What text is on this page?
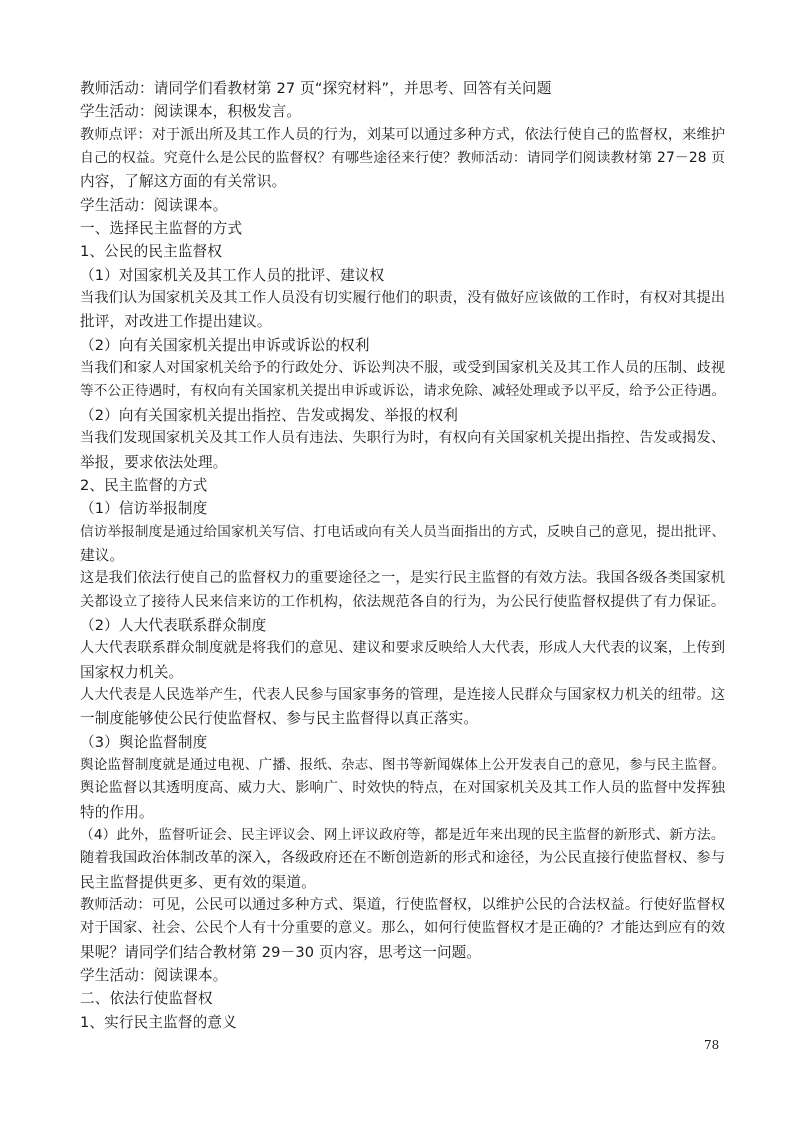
教师活动：请同学们看教材第 27 页“探究材料”，并思考、回答有关问题
学生活动：阅读课本，积极发言。
教师点评：对于派出所及其工作人员的行为，刘某可以通过多种方式，依法行使自己的监督权，来维护
自己的权益。究竟什么是公民的监督权？有哪些途径来行使？教师活动：请同学们阅读教材第 27－28 页
内容，了解这方面的有关常识。
学生活动：阅读课本。
一、选择民主监督的方式
1、公民的民主监督权
（1）对国家机关及其工作人员的批评、建议权
当我们认为国家机关及其工作人员没有切实履行他们的职责，没有做好应该做的工作时，有权对其提出
批评，对改进工作提出建议。
（2）向有关国家机关提出申诉或诉讼的权利
当我们和家人对国家机关给予的行政处分、诉讼判决不服，或受到国家机关及其工作人员的压制、歧视
等不公正待遇时，有权向有关国家机关提出申诉或诉讼，请求免除、减轻处理或予以平反，给予公正待遇。
（2）向有关国家机关提出指控、告发或揭发、举报的权利
当我们发现国家机关及其工作人员有违法、失职行为时，有权向有关国家机关提出指控、告发或揭发、
举报，要求依法处理。
2、民主监督的方式
（1）信访举报制度
信访举报制度是通过给国家机关写信、打电话或向有关人员当面指出的方式，反映自己的意见，提出批评、
建议。
这是我们依法行使自己的监督权力的重要途径之一，是实行民主监督的有效方法。我国各级各类国家机
关都设立了接待人民来信来访的工作机构，依法规范各自的行为，为公民行使监督权提供了有力保证。
（2）人大代表联系群众制度
人大代表联系群众制度就是将我们的意见、建议和要求反映给人大代表，形成人大代表的议案，上传到
国家权力机关。
人大代表是人民选举产生，代表人民参与国家事务的管理，是连接人民群众与国家权力机关的纽带。这
一制度能够使公民行使监督权、参与民主监督得以真正落实。
（3）舆论监督制度
舆论监督制度就是通过电视、广播、报纸、杂志、图书等新闻媒体上公开发表自己的意见，参与民主监督。
舆论监督以其透明度高、威力大、影响广、时效快的特点，在对国家机关及其工作人员的监督中发挥独
特的作用。
（4）此外，监督听证会、民主评议会、网上评议政府等，都是近年来出现的民主监督的新形式、新方法。
随着我国政治体制改革的深入，各级政府还在不断创造新的形式和途径，为公民直接行使监督权、参与
民主监督提供更多、更有效的渠道。
教师活动：可见，公民可以通过多种方式、渠道，行使监督权，以维护公民的合法权益。行使好监督权
对于国家、社会、公民个人有十分重要的意义。那么，如何行使监督权才是正确的？才能达到应有的效
果呢？请同学们结合教材第 29－30 页内容，思考这一问题。
学生活动：阅读课本。
二、依法行使监督权
1、实行民主监督的意义
78
